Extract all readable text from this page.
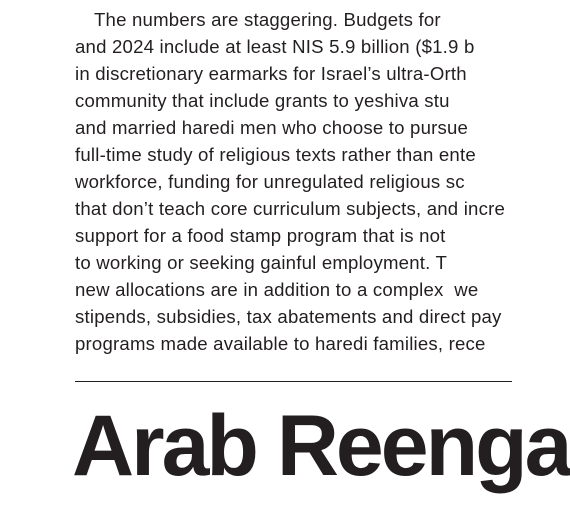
The numbers are staggering. Budgets for
and 2024 include at least NIS 5.9 billion ($1.9 b
in discretionary earmarks for Israel’s ultra-Orth
community that include grants to yeshiva stu
and married haredi men who choose to pursue
full-time study of religious texts rather than ente
workforce, funding for unregulated religious sc
that don’t teach core curriculum subjects, and incre
support for a food stamp program that is not
to working or seeking gainful employment. T
new allocations are in addition to a complex  we
stipends, subsidies, tax abatements and direct pay
programs made available to haredi families, rece
Arab Reenga
